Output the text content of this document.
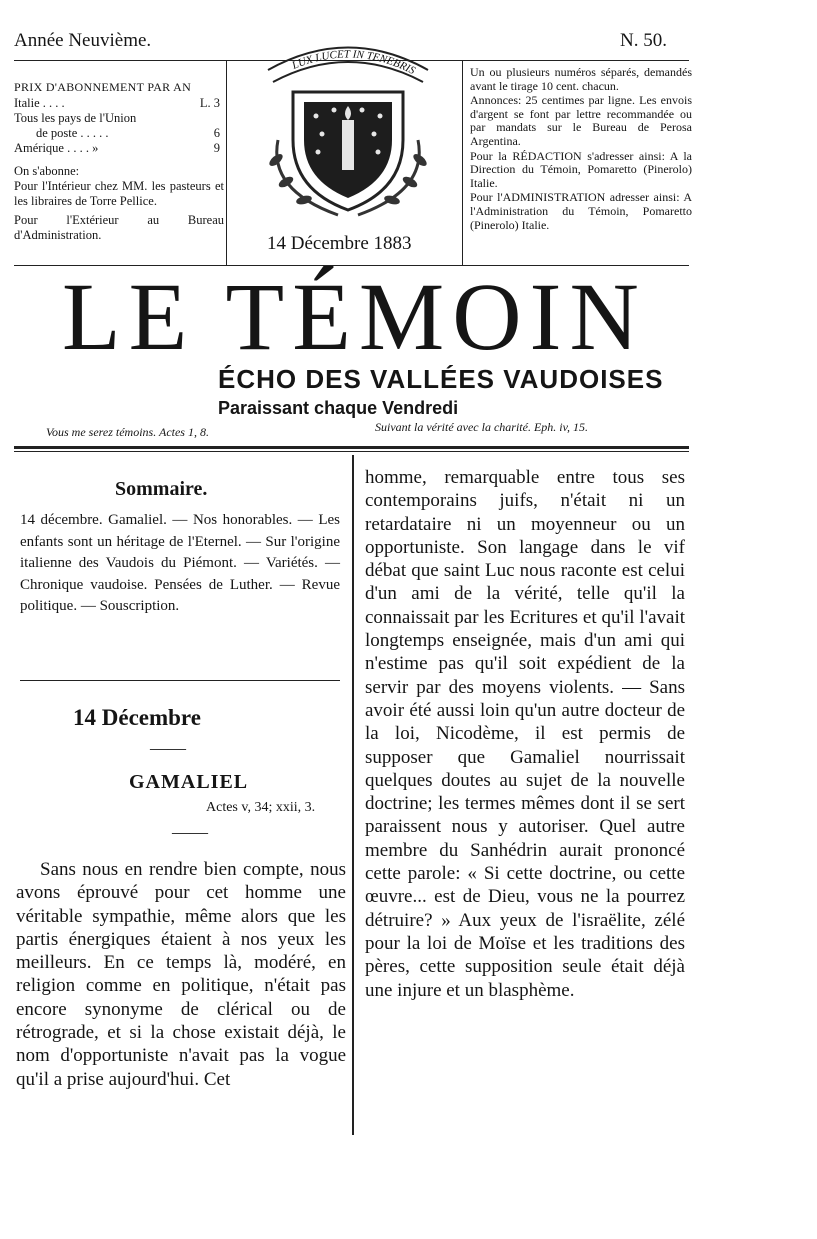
Année Neuvième.	N. 50.
PRIX D'ABONNEMENT PAR AN
Italie . . . .	L. 3
Tous les pays de l'Union
de poste . . . . .	6
Amérique . . . . »	9
On s'abonne:
Pour l'Intérieur chez MM. les pasteurs et les libraires de Torre Pellice.
Pour l'Extérieur au Bureau d'Administration.
LUX LUCET IN TENEBRIS
14 Décembre 1883

Un ou plusieurs numéros séparés, demandés avant le tirage 10 cent. chacun.

Annonces: 25 centimes par ligne. Les envois d'argent se font par lettre recommandée ou par mandats sur le Bureau de Perosa Argentina.

Pour la RÉDACTION s'adresser ainsi: A la Direction du Témoin, Pomaretto (Pinerolo) Italie.

Pour l'ADMINISTRATION adresser ainsi: A l'Administration du Témoin, Pomaretto (Pinerolo) Italie.

LE TÉMOIN
ÉCHO DES VALLÉES VAUDOISES
Paraissant chaque Vendredi
Vous me serez témoins. Actes 1, 8.	Suivant la vérité avec la charité. Eph. iv, 15.
Sommaire.
14 décembre. Gamaliel. — Nos honorables. — Les enfants sont un héritage de l'Eternel. — Sur l'origine italienne des Vaudois du Piémont. — Variétés. — Chronique vaudoise. Pensées de Luther. — Revue politique. — Souscription.
14 Décembre
——
GAMALIEL
Actes v, 34; xxii, 3.
——
Sans nous en rendre bien compte, nous avons éprouvé pour cet homme une véritable sympathie, même alors que les partis énergiques étaient à nos yeux les meilleurs. En ce temps là, modéré, en religion comme en politique, n'était pas encore synonyme de clérical ou de rétrograde, et si la chose existait déjà, le nom d'opportuniste n'avait pas la vogue qu'il a prise aujourd'hui. Cet
homme, remarquable entre tous ses contemporains juifs, n'était ni un retardataire ni un moyenneur ou un opportuniste. Son langage dans le vif débat que saint Luc nous raconte est celui d'un ami de la vérité, telle qu'il la connaissait par les Ecritures et qu'il l'avait longtemps enseignée, mais d'un ami qui n'estime pas qu'il soit expédient de la servir par des moyens violents. — Sans avoir été aussi loin qu'un autre docteur de la loi, Nicodème, il est permis de supposer que Gamaliel nourrissait quelques doutes au sujet de la nouvelle doctrine; les termes mêmes dont il se sert paraissent nous y autoriser. Quel autre membre du Sanhédrin aurait prononcé cette parole: « Si cette doctrine, ou cette œuvre... est de Dieu, vous ne la pourrez détruire? » Aux yeux de l'israëlite, zélé pour la loi de Moïse et les traditions des pères, cette supposition seule était déjà une injure et un blasphème.
